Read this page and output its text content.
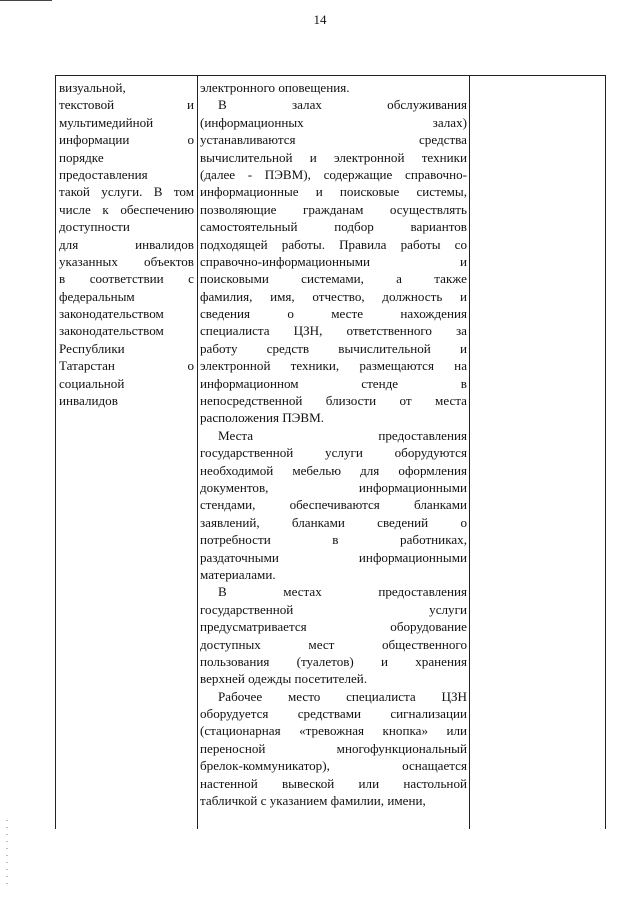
14
визуальной,
текстовой и
мультимедийной
информации о
порядке
предоставления
такой услуги. В том
числе к обеспечению
доступности
для инвалидов
указанных объектов
в соответствии с
федеральным
законодательством
законодательством
Республики
Татарстан о
социальной
инвалидов
электронного оповещения.
В залах обслуживания
(информационных залах)
устанавливаются средства
вычислительной и электронной техники
(далее - ПЭВМ), содержащие справочно-
информационные и поисковые системы,
позволяющие гражданам осуществлять
самостоятельный подбор вариантов
подходящей работы. Правила работы со
справочно-информационными и
поисковыми системами, а также
фамилия, имя, отчество, должность и
сведения о месте нахождения
специалиста ЦЗН, ответственного за
работу средств вычислительной и
электронной техники, размещаются на
информационном стенде в
непосредственной близости от места
расположения ПЭВМ.
Места предоставления
государственной услуги оборудуются
необходимой мебелью для оформления
документов, информационными
стендами, обеспечиваются бланками
заявлений, бланками сведений о
потребности в работниках,
раздаточными информационными
материалами.
В местах предоставления
государственной услуги
предусматривается оборудование
доступных мест общественного
пользования (туалетов) и хранения
верхней одежды посетителей.
Рабочее место специалиста ЦЗН
оборудуется средствами сигнализации
(стационарная «тревожная кнопка» или
переносной многофункциональный
брелок-коммуникатор), оснащается
настенной вывеской или настольной
табличкой с указанием фамилии, имени,
